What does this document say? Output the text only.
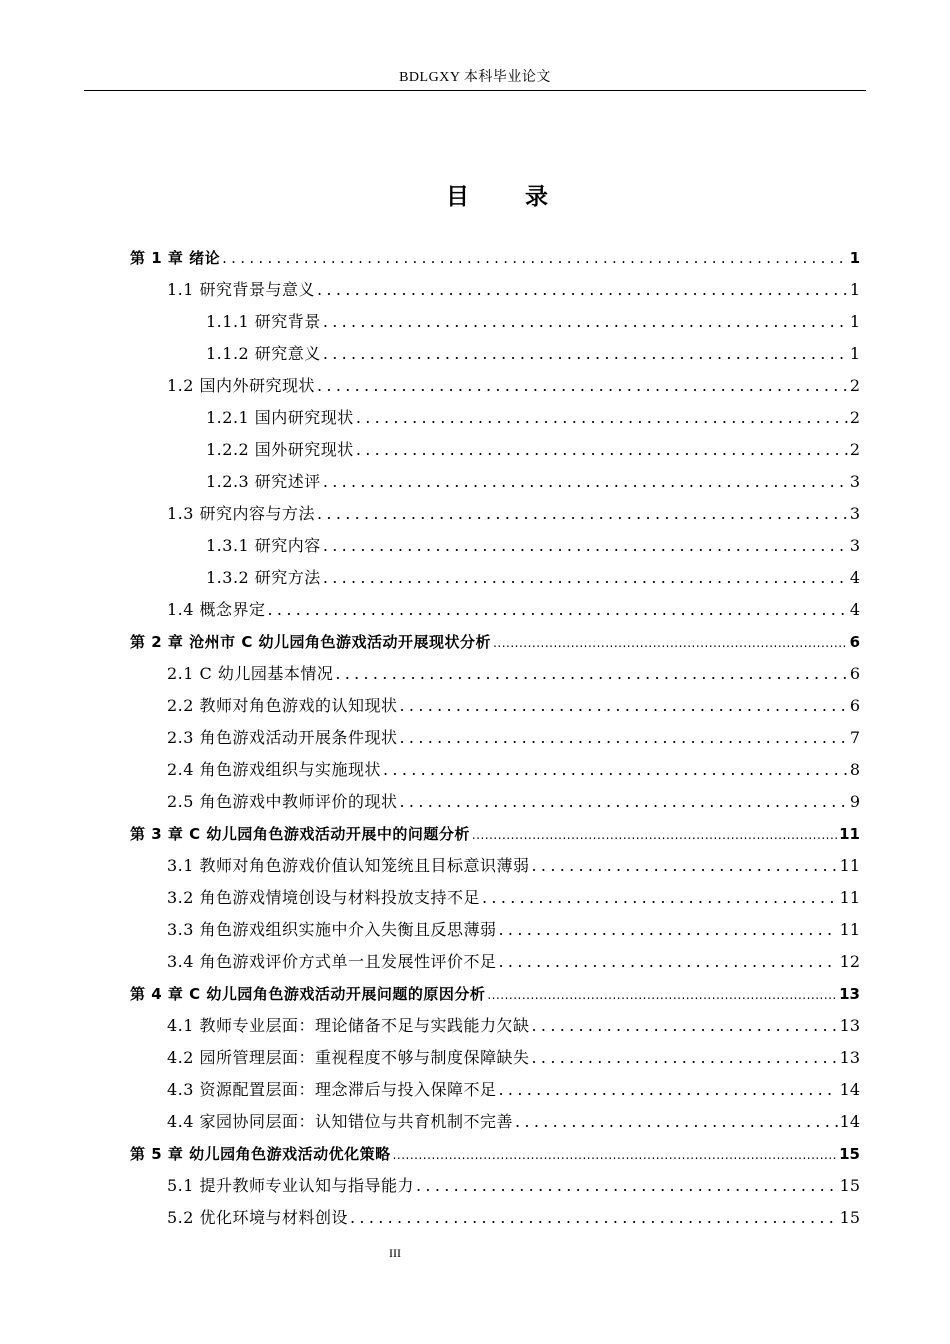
BDLGXY 本科毕业论文
目 录
第 1 章 绪论 .....	1
1.1 研究背景与意义 .....	1
1.1.1 研究背景 .....	1
1.1.2 研究意义 .....	1
1.2 国内外研究现状 .....	2
1.2.1 国内研究现状 .....	2
1.2.2 国外研究现状 .....	2
1.2.3 研究述评 .....	3
1.3 研究内容与方法 .....	3
1.3.1 研究内容 .....	3
1.3.2 研究方法 .....	4
1.4 概念界定 .....	4
第 2 章 沧州市 C 幼儿园角色游戏活动开展现状分析 .....	6
2.1 C 幼儿园基本情况 .....	6
2.2 教师对角色游戏的认知现状 .....	6
2.3 角色游戏活动开展条件现状 .....	7
2.4 角色游戏组织与实施现状 .....	8
2.5 角色游戏中教师评价的现状 .....	9
第 3 章 C 幼儿园角色游戏活动开展中的问题分析 .....	11
3.1 教师对角色游戏价值认知笼统且目标意识薄弱 .....	11
3.2 角色游戏情境创设与材料投放支持不足 .....	11
3.3 角色游戏组织实施中介入失衡且反思薄弱 .....	11
3.4 角色游戏评价方式单一且发展性评价不足 .....	12
第 4 章 C 幼儿园角色游戏活动开展问题的原因分析 .....	13
4.1 教师专业层面：理论储备不足与实践能力欠缺 .....	13
4.2 园所管理层面：重视程度不够与制度保障缺失 .....	13
4.3 资源配置层面：理念滞后与投入保障不足 .....	14
4.4 家园协同层面：认知错位与共育机制不完善 .....	14
第 5 章 幼儿园角色游戏活动优化策略 .....	15
5.1 提升教师专业认知与指导能力 .....	15
5.2 优化环境与材料创设 .....	15
III
